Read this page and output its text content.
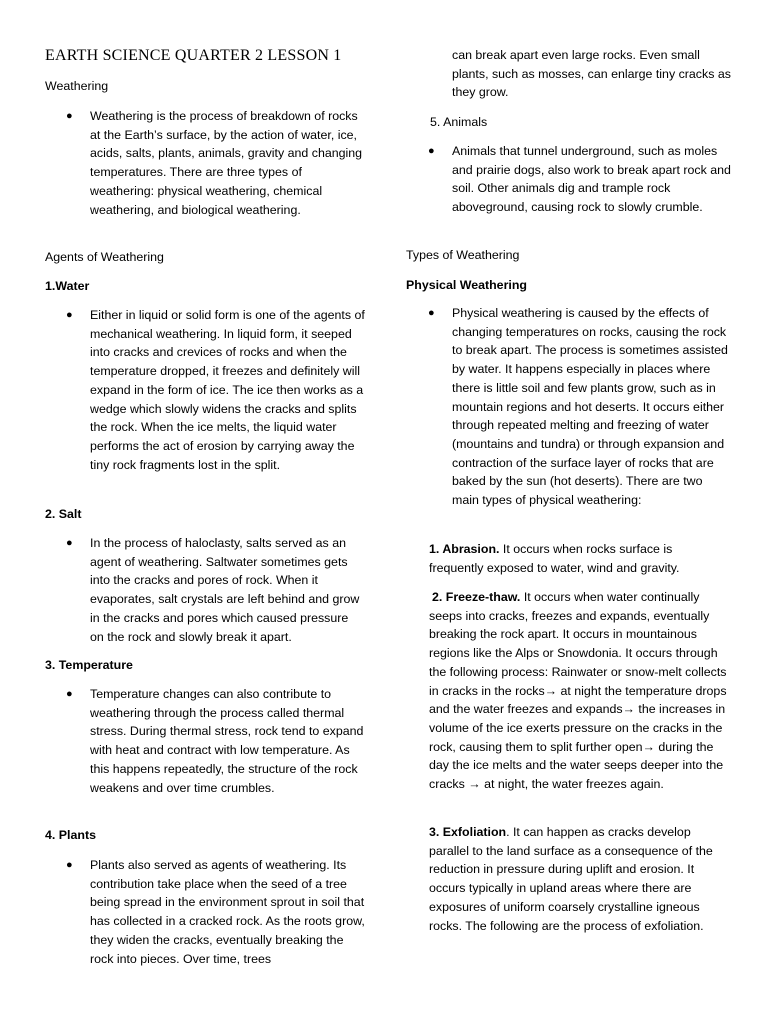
EARTH SCIENCE QUARTER 2 LESSON 1
Weathering
● Weathering is the process of breakdown of rocks at the Earth’s surface, by the action of water, ice, acids, salts, plants, animals, gravity and changing temperatures. There are three types of weathering: physical weathering, chemical weathering, and biological weathering.
Agents of Weathering
1.Water
● Either in liquid or solid form is one of the agents of mechanical weathering. In liquid form, it seeped into cracks and crevices of rocks and when the temperature dropped, it freezes and definitely will expand in the form of ice. The ice then works as a wedge which slowly widens the cracks and splits the rock. When the ice melts, the liquid water performs the act of erosion by carrying away the tiny rock fragments lost in the split.
2. Salt
● In the process of haloclasty, salts served as an agent of weathering. Saltwater sometimes gets into the cracks and pores of rock. When it evaporates, salt crystals are left behind and grow in the cracks and pores which caused pressure on the rock and slowly break it apart.
3. Temperature
● Temperature changes can also contribute to weathering through the process called thermal stress. During thermal stress, rock tend to expand with heat and contract with low temperature. As this happens repeatedly, the structure of the rock weakens and over time crumbles.
4. Plants
● Plants also served as agents of weathering. Its contribution take place when the seed of a tree being spread in the environment sprout in soil that has collected in a cracked rock. As the roots grow, they widen the cracks, eventually breaking the rock into pieces. Over time, trees
can break apart even large rocks. Even small plants, such as mosses, can enlarge tiny cracks as they grow.
5. Animals
● Animals that tunnel underground, such as moles and prairie dogs, also work to break apart rock and soil. Other animals dig and trample rock aboveground, causing rock to slowly crumble.
Types of Weathering
Physical Weathering
● Physical weathering is caused by the effects of changing temperatures on rocks, causing the rock to break apart. The process is sometimes assisted by water. It happens especially in places where there is little soil and few plants grow, such as in mountain regions and hot deserts. It occurs either through repeated melting and freezing of water (mountains and tundra) or through expansion and contraction of the surface layer of rocks that are baked by the sun (hot deserts). There are two main types of physical weathering:
1. Abrasion. It occurs when rocks surface is frequently exposed to water, wind and gravity.
2. Freeze-thaw. It occurs when water continually seeps into cracks, freezes and expands, eventually breaking the rock apart. It occurs in mountainous regions like the Alps or Snowdonia. It occurs through the following process: Rainwater or snow-melt collects in cracks in the rocks→ at night the temperature drops and the water freezes and expands→ the increases in volume of the ice exerts pressure on the cracks in the rock, causing them to split further open→ during the day the ice melts and the water seeps deeper into the cracks → at night, the water freezes again.
3. Exfoliation. It can happen as cracks develop parallel to the land surface as a consequence of the reduction in pressure during uplift and erosion. It occurs typically in upland areas where there are exposures of uniform coarsely crystalline igneous rocks. The following are the process of exfoliation.
